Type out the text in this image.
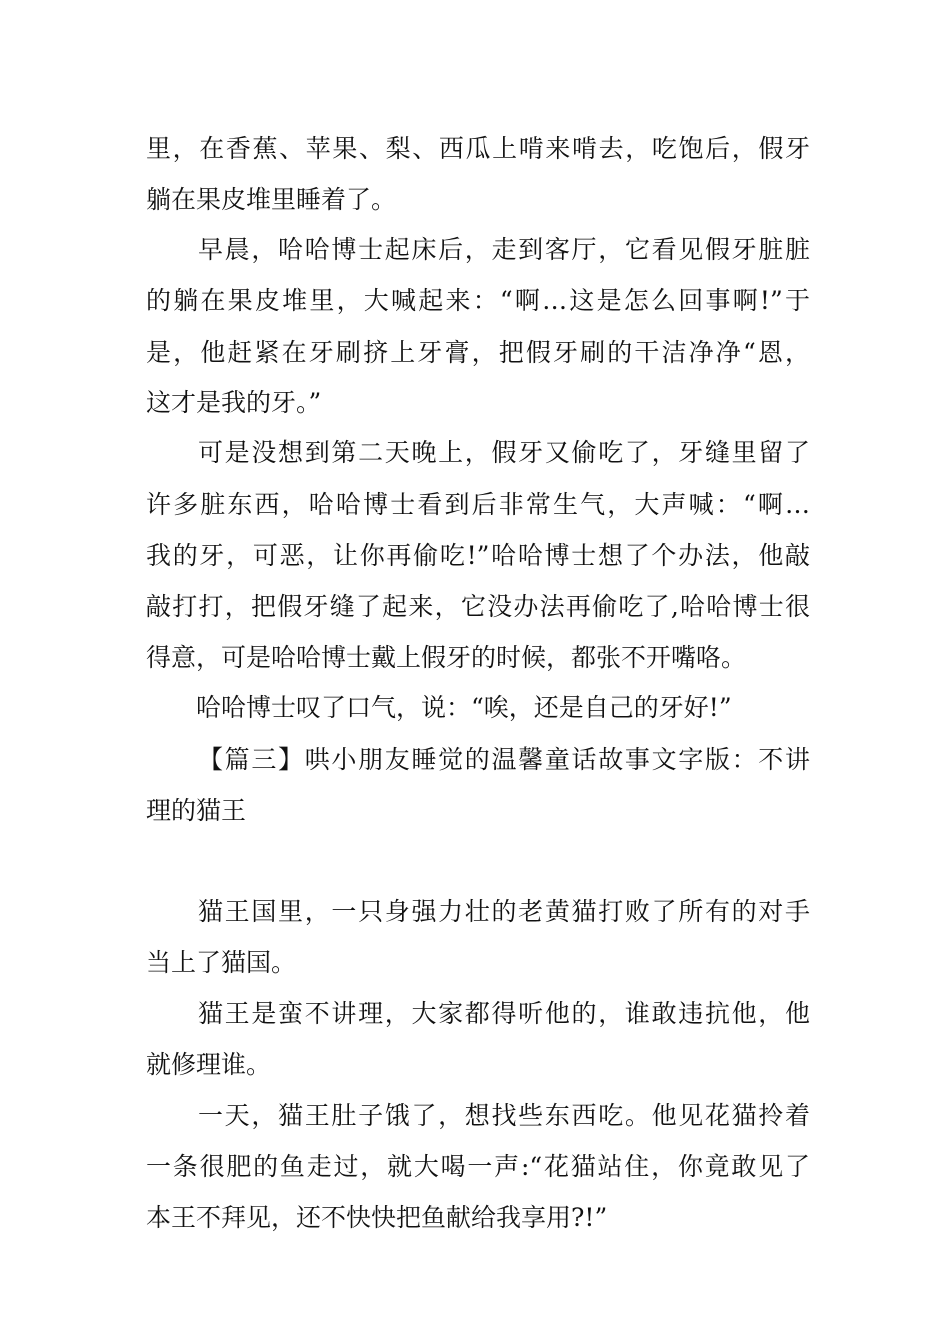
里，在香蕉、苹果、梨、西瓜上啃来啃去，吃饱后，假牙
躺在果皮堆里睡着了。
早晨，哈哈博士起床后，走到客厅，它看见假牙脏脏
的躺在果皮堆里，大喊起来：“啊…这是怎么回事啊!”于
是，他赶紧在牙刷挤上牙膏，把假牙刷的干洁净净“恩，
这才是我的牙。”
可是没想到第二天晚上，假牙又偷吃了，牙缝里留了
许多脏东西，哈哈博士看到后非常生气，大声喊：“啊…
我的牙，可恶，让你再偷吃!”哈哈博士想了个办法，他敲
敲打打，把假牙缝了起来，它没办法再偷吃了,哈哈博士很
得意，可是哈哈博士戴上假牙的时候，都张不开嘴咯。
哈哈博士叹了口气，说：“唉，还是自己的牙好!”
【篇三】哄小朋友睡觉的温馨童话故事文字版：不讲
理的猫王
猫王国里，一只身强力壮的老黄猫打败了所有的对手
当上了猫国。
猫王是蛮不讲理，大家都得听他的，谁敢违抗他，他
就修理谁。
一天，猫王肚子饿了，想找些东西吃。他见花猫拎着
一条很肥的鱼走过，就大喝一声:“花猫站住，你竟敢见了
本王不拜见，还不快快把鱼献给我享用?!”
